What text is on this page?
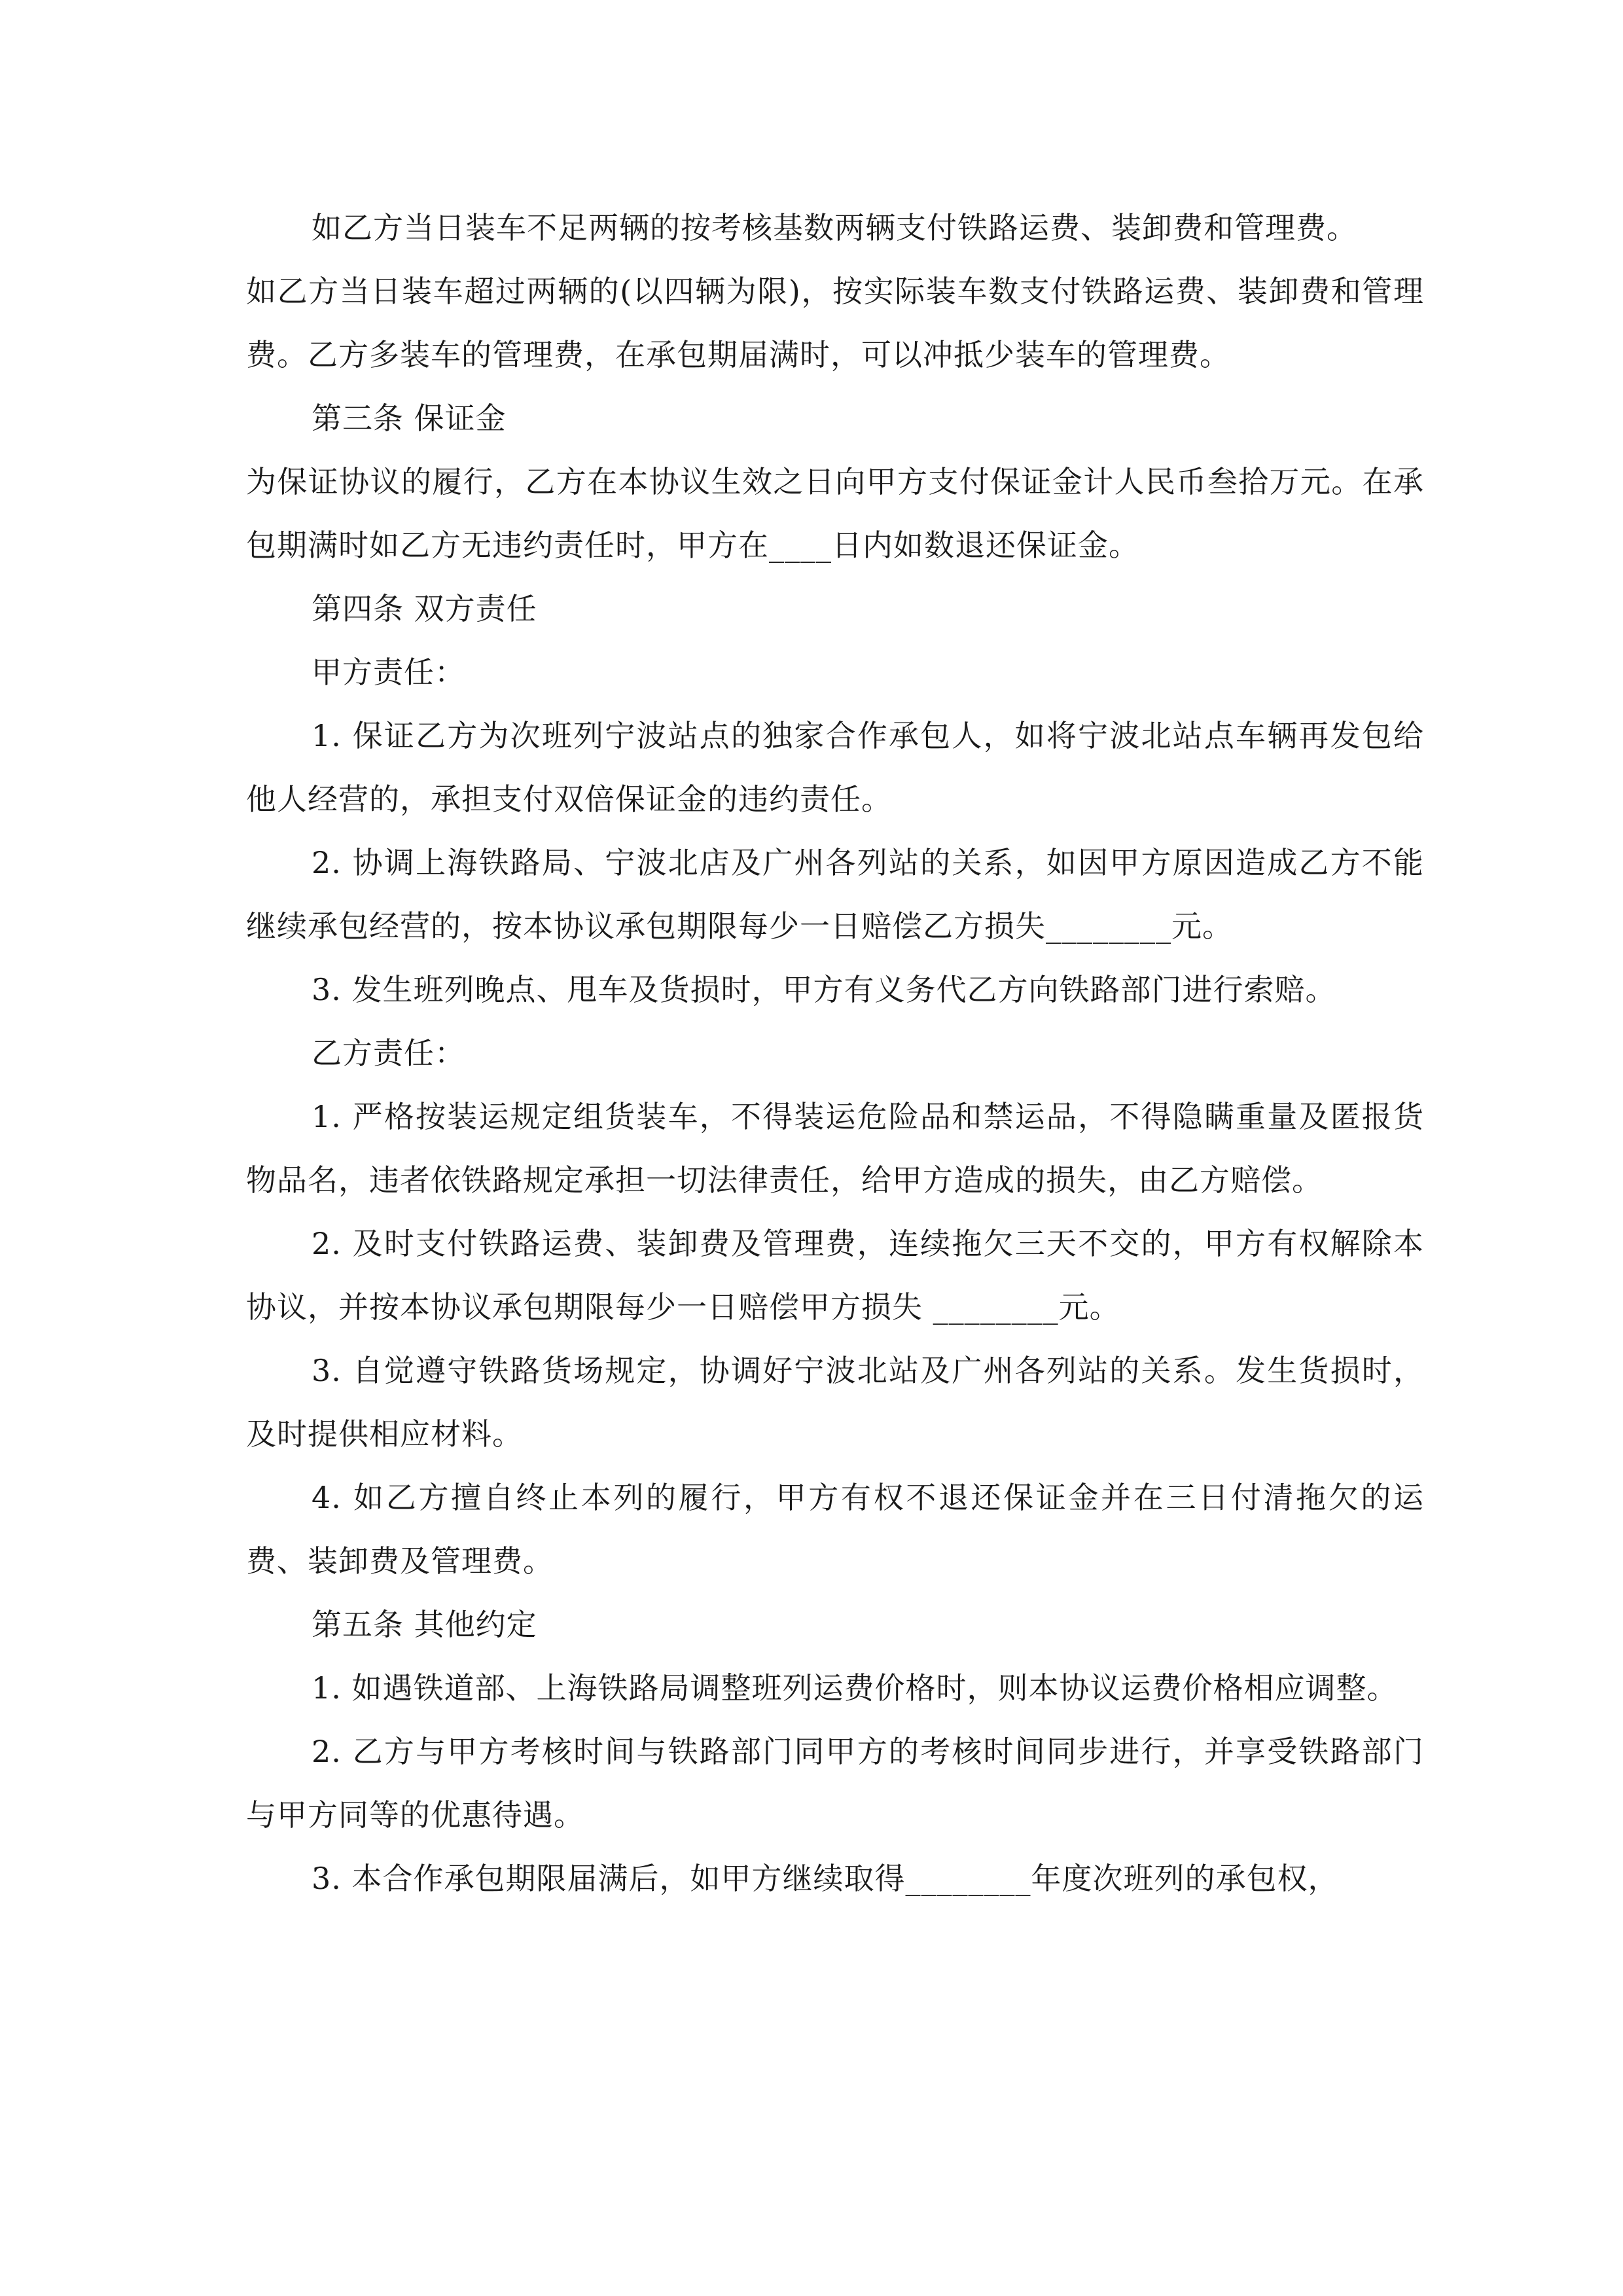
如乙方当日装车不足两辆的按考核基数两辆支付铁路运费、装卸费和管理费。

如乙方当日装车超过两辆的(以四辆为限)，按实际装车数支付铁路运费、装卸费和管理费。乙方多装车的管理费，在承包期届满时，可以冲抵少装车的管理费。

第三条 保证金

为保证协议的履行，乙方在本协议生效之日向甲方支付保证金计人民币叁拾万元。在承包期满时如乙方无违约责任时，甲方在____日内如数退还保证金。

第四条 双方责任

甲方责任：

1. 保证乙方为次班列宁波站点的独家合作承包人，如将宁波北站点车辆再发包给他人经营的，承担支付双倍保证金的违约责任。

2. 协调上海铁路局、宁波北店及广州各列站的关系，如因甲方原因造成乙方不能继续承包经营的，按本协议承包期限每少一日赔偿乙方损失________元。

3. 发生班列晚点、甩车及货损时，甲方有义务代乙方向铁路部门进行索赔。

乙方责任：

1. 严格按装运规定组货装车，不得装运危险品和禁运品，不得隐瞒重量及匿报货物品名，违者依铁路规定承担一切法律责任，给甲方造成的损失，由乙方赔偿。

2. 及时支付铁路运费、装卸费及管理费，连续拖欠三天不交的，甲方有权解除本协议，并按本协议承包期限每少一日赔偿甲方损失 ________元。

3. 自觉遵守铁路货场规定，协调好宁波北站及广州各列站的关系。发生货损时，及时提供相应材料。

4. 如乙方擅自终止本列的履行，甲方有权不退还保证金并在三日付清拖欠的运费、装卸费及管理费。

第五条 其他约定

1. 如遇铁道部、上海铁路局调整班列运费价格时，则本协议运费价格相应调整。

2. 乙方与甲方考核时间与铁路部门同甲方的考核时间同步进行，并享受铁路部门与甲方同等的优惠待遇。

3. 本合作承包期限届满后，如甲方继续取得________年度次班列的承包权，
